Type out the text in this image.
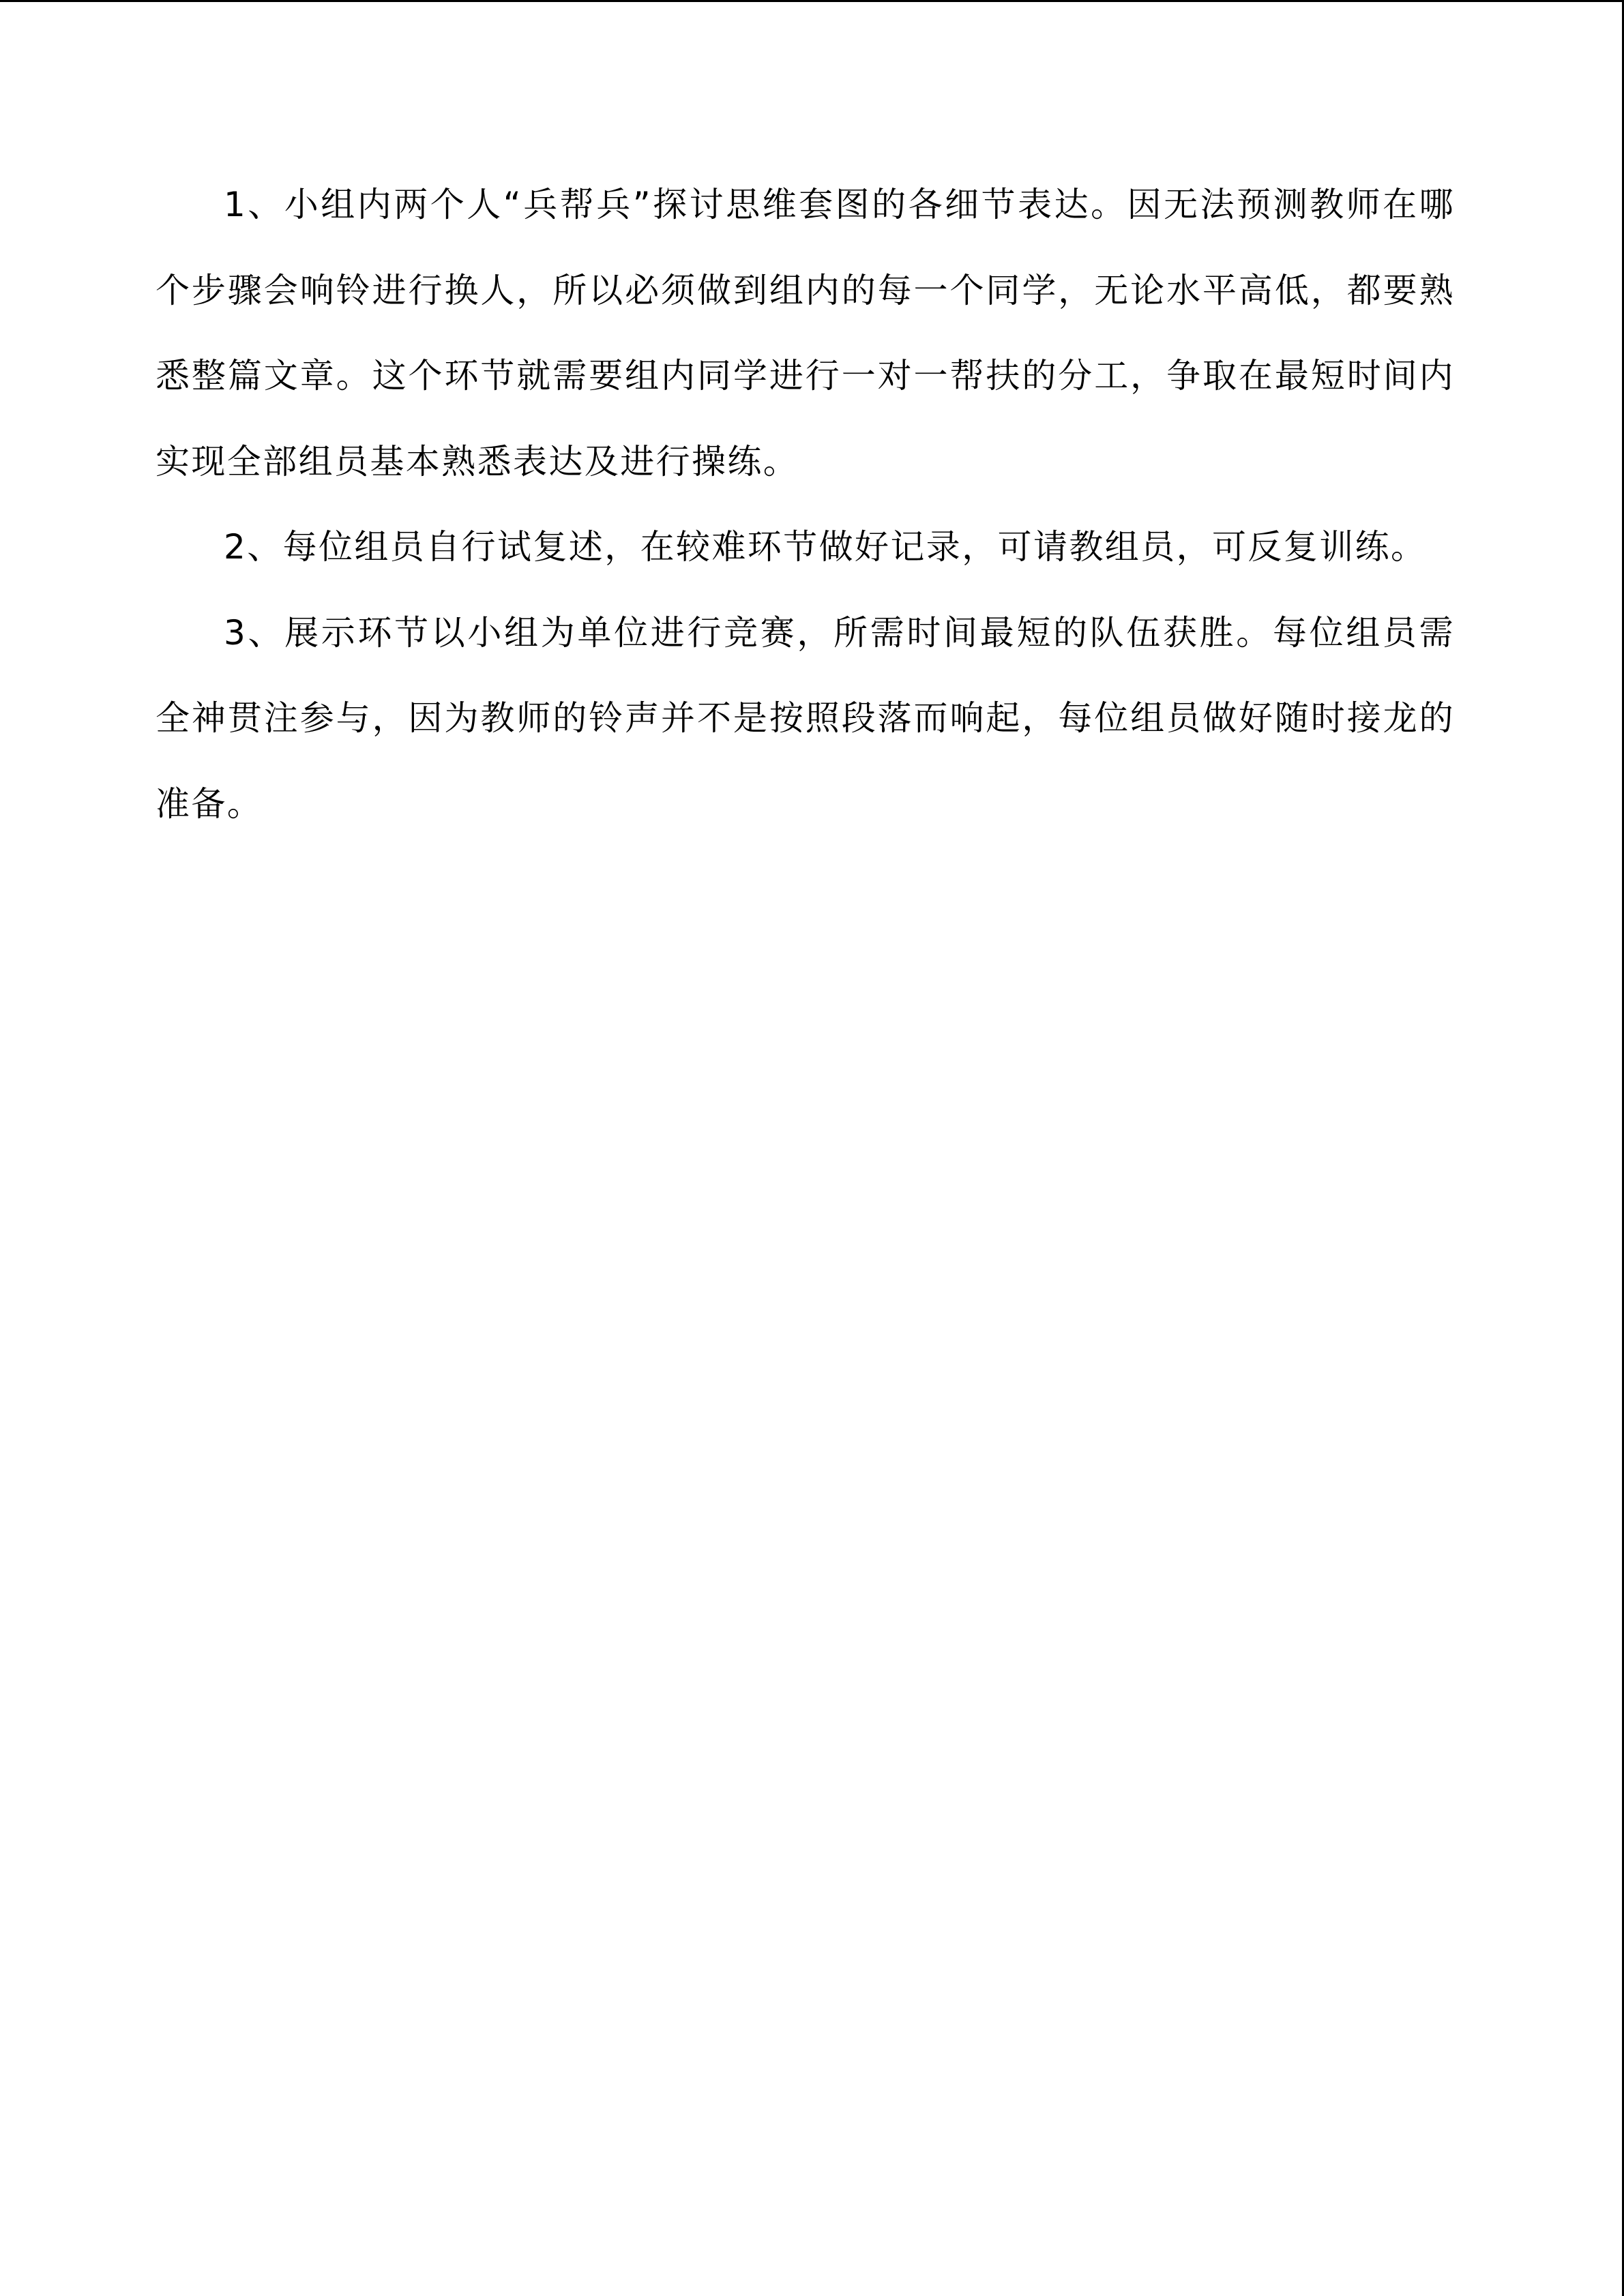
1、小组内两个人“兵帮兵”探讨思维套图的各细节表达。因无法预测教师在哪个步骤会响铃进行换人，所以必须做到组内的每一个同学，无论水平高低，都要熟悉整篇文章。这个环节就需要组内同学进行一对一帮扶的分工，争取在最短时间内实现全部组员基本熟悉表达及进行操练。

2、每位组员自行试复述，在较难环节做好记录，可请教组员，可反复训练。

3、展示环节以小组为单位进行竞赛，所需时间最短的队伍获胜。每位组员需全神贯注参与，因为教师的铃声并不是按照段落而响起，每位组员做好随时接龙的准备。
